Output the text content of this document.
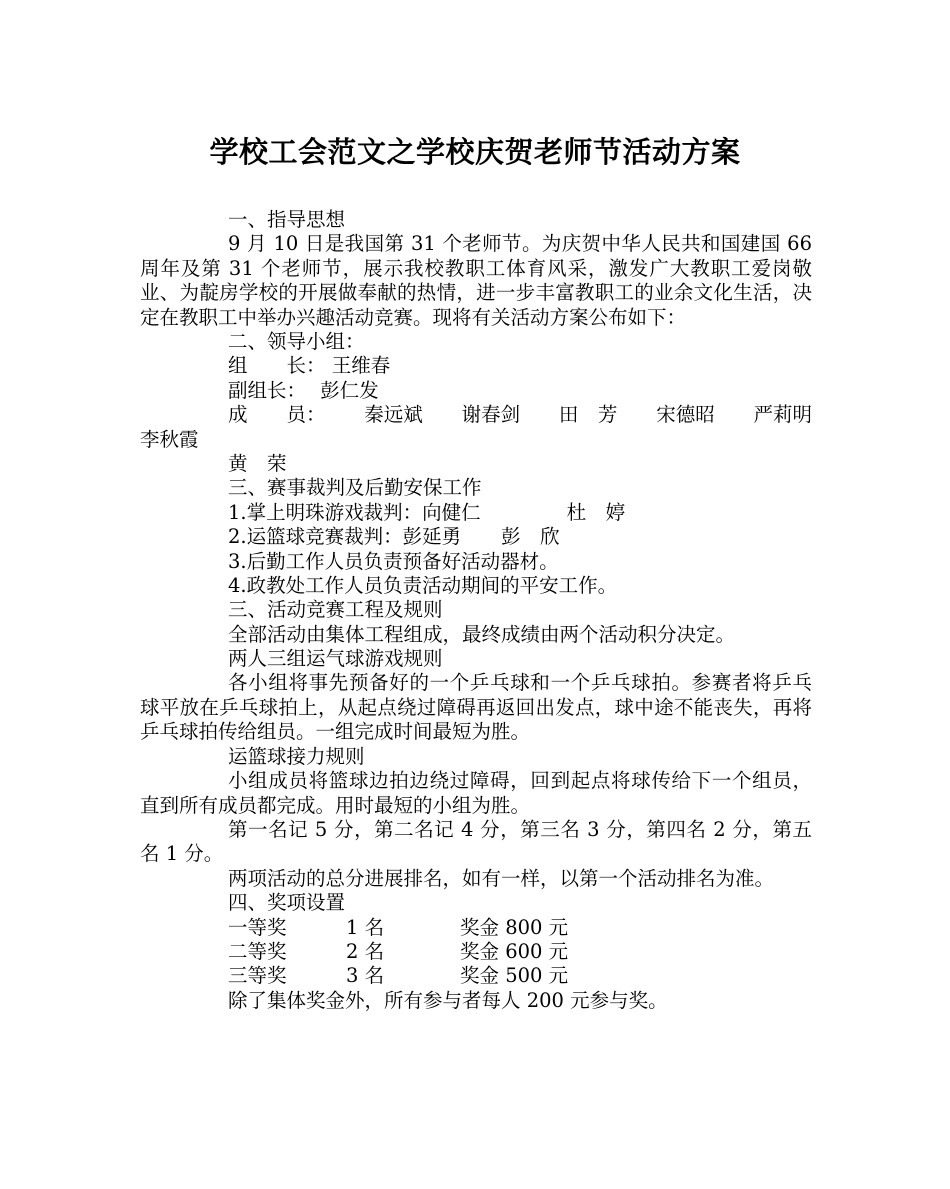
学校工会范文之学校庆贺老师节活动方案
一、指导思想

9 月 10 日是我国第 31 个老师节。为庆贺中华人民共和国建国 66 周年及第 31 个老师节，展示我校教职工体育风采，激发广大教职工爱岗敬业、为靛房学校的开展做奉献的热情，进一步丰富教职工的业余文化生活，决定在教职工中举办兴趣活动竞赛。现将有关活动方案公布如下：

二、领导小组：
组　　长： 王维春
副组长： 彭仁发
成　　员： 秦远斌 谢春剑 田　芳 宋德昭 严莉明
李秋霞
黄　荣
三、赛事裁判及后勤安保工作
1.掌上明珠游戏裁判：向健仁	杜　婷
2.运篮球竞赛裁判：彭延勇 彭　欣
3.后勤工作人员负责预备好活动器材。
4.政教处工作人员负责活动期间的平安工作。
三、活动竞赛工程及规则
全部活动由集体工程组成，最终成绩由两个活动积分决定。
两人三组运气球游戏规则

各小组将事先预备好的一个乒乓球和一个乒乓球拍。参赛者将乒乓球平放在乒乓球拍上，从起点绕过障碍再返回出发点，球中途不能丧失，再将乒乓球拍传给组员。一组完成时间最短为胜。

运篮球接力规则

小组成员将篮球边拍边绕过障碍，回到起点将球传给下一个组员，直到所有成员都完成。用时最短的小组为胜。

第一名记 5 分，第二名记 4 分，第三名 3 分，第四名 2 分，第五名 1 分。

两项活动的总分进展排名，如有一样，以第一个活动排名为准。

四、奖项设置
一等奖	1 名	奖金 800 元
二等奖	2 名	奖金 600 元
三等奖	3 名	奖金 500 元
除了集体奖金外，所有参与者每人 200 元参与奖。
